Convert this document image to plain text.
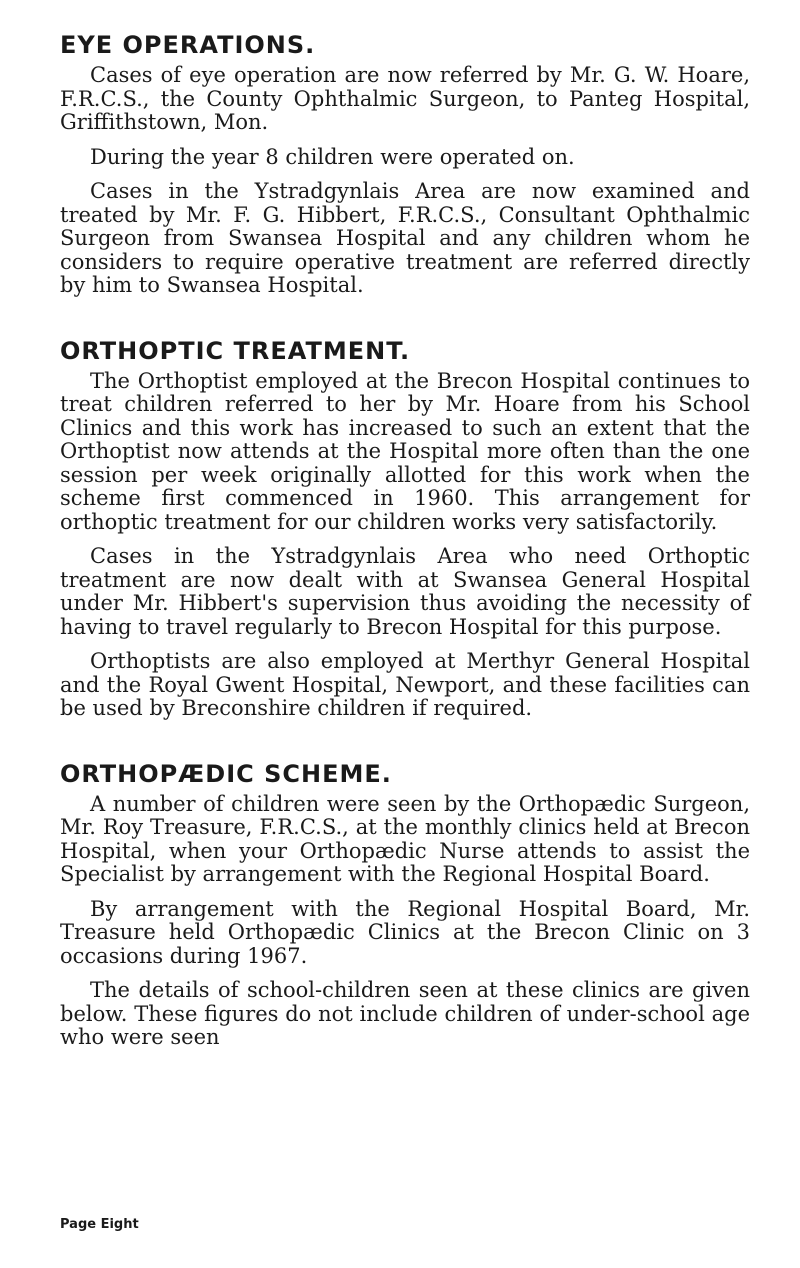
EYE OPERATIONS.

Cases of eye operation are now referred by Mr. G. W. Hoare, F.R.C.S., the County Ophthalmic Surgeon, to Panteg Hospital, Griffithstown, Mon.

During the year 8 children were operated on.

Cases in the Ystradgynlais Area are now examined and treated by Mr. F. G. Hibbert, F.R.C.S., Consultant Ophthalmic Surgeon from Swansea Hospital and any children whom he considers to require operative treatment are referred directly by him to Swansea Hospital.

ORTHOPTIC TREATMENT.

The Orthoptist employed at the Brecon Hospital continues to treat children referred to her by Mr. Hoare from his School Clinics and this work has increased to such an extent that the Orthoptist now attends at the Hospital more often than the one session per week originally allotted for this work when the scheme first commenced in 1960. This arrangement for orthoptic treatment for our children works very satisfactorily.

Cases in the Ystradgynlais Area who need Orthoptic treatment are now dealt with at Swansea General Hospital under Mr. Hibbert's supervision thus avoiding the necessity of having to travel regularly to Brecon Hospital for this purpose.

Orthoptists are also employed at Merthyr General Hospital and the Royal Gwent Hospital, Newport, and these facilities can be used by Breconshire children if required.

ORTHOPÆDIC SCHEME.

A number of children were seen by the Orthopædic Surgeon, Mr. Roy Treasure, F.R.C.S., at the monthly clinics held at Brecon Hospital, when your Orthopædic Nurse attends to assist the Specialist by arrangement with the Regional Hospital Board.

By arrangement with the Regional Hospital Board, Mr. Treasure held Orthopædic Clinics at the Brecon Clinic on 3 occasions during 1967.

The details of school-children seen at these clinics are given below. These figures do not include children of under-school age who were seen

Page Eight
